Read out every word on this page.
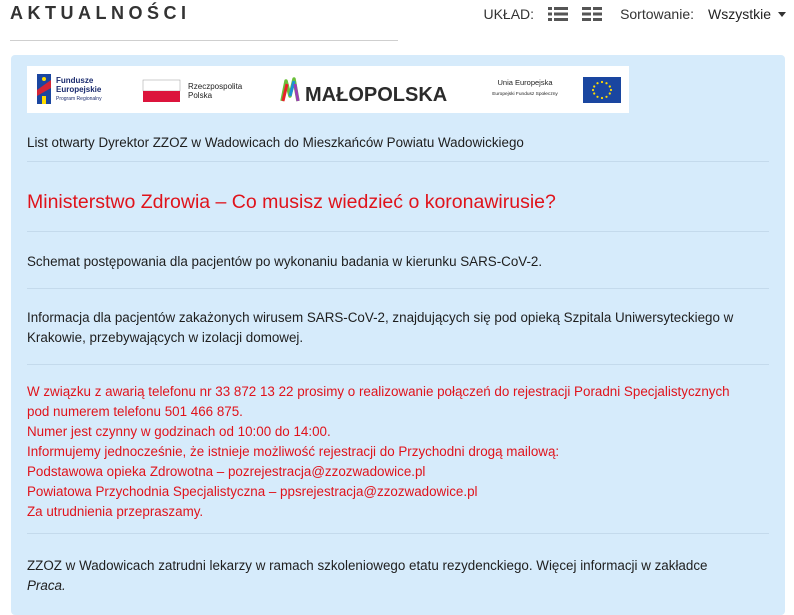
AKTUALNOŚCI	UKŁAD:	Sortowanie: Wszystkie
Fundusze
Europejskie
Program Regionalny
Rzeczpospolita
Polska	MAŁOPOLSKA
Unia Europejska
Europejski Fundusz Społeczny
List otwarty Dyrektor ZZOZ w Wadowicach do Mieszkańców Powiatu Wadowickiego
Ministerstwo Zdrowia – Co musisz wiedzieć o koronawirusie?
Schemat postępowania dla pacjentów po wykonaniu badania w kierunku SARS-CoV-2.
Informacja dla pacjentów zakażonych wirusem SARS-CoV-2, znajdujących się pod opieką Szpitala Uniwersyteckiego w
Krakowie, przebywających w izolacji domowej.
W związku z awarią telefonu nr 33 872 13 22 prosimy o realizowanie połączeń do rejestracji Poradni Specjalistycznych
pod numerem telefonu 501 466 875.
Numer jest czynny w godzinach od 10:00 do 14:00.
Informujemy jednocześnie, że istnieje możliwość rejestracji do Przychodni drogą mailową:
Podstawowa opieka Zdrowotna – pozrejestracja@zzozwadowice.pl
Powiatowa Przychodnia Specjalistyczna – ppsrejestracja@zzozwadowice.pl
Za utrudnienia przepraszamy.
ZZOZ w Wadowicach zatrudni lekarzy w ramach szkoleniowego etatu rezydenckiego. Więcej informacji w zakładce
Praca.
